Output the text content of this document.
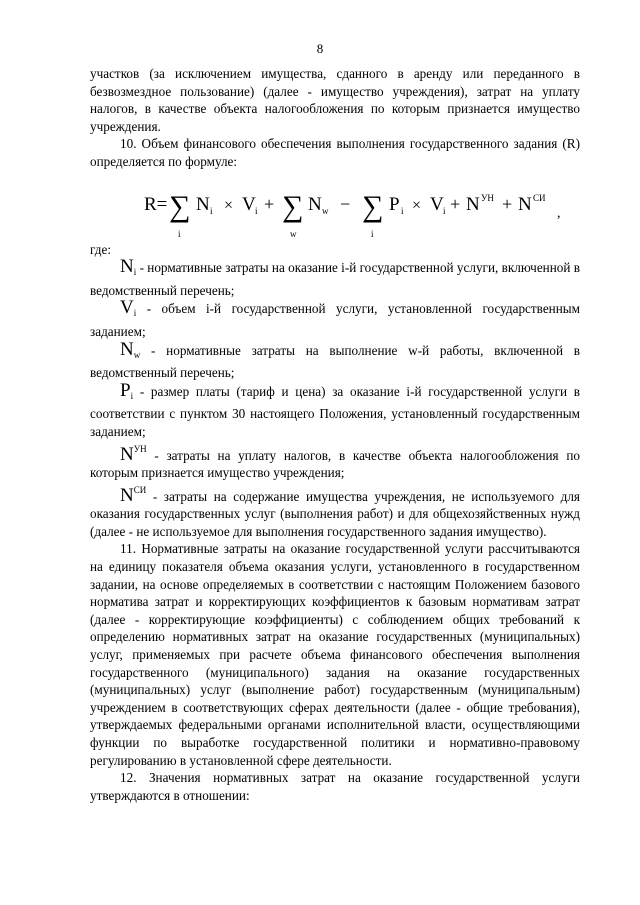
8

участков (за исключением имущества, сданного в аренду или переданного в безвозмездное пользование) (далее - имущество учреждения), затрат на уплату налогов, в качестве объекта налогообложения по которым признается имущество учреждения.

10. Объем финансового обеспечения выполнения государственного задания (R) определяется по формуле:

R= ∑
i
N i × V i + ∑
w
N w − ∑
i
P i × V i + N УН + N СИ
,

где:

$N_i$ - нормативные затраты на оказание i-й государственной услуги, включенной в ведомственный перечень;

$V_i$ - объем i-й государственной услуги, установленной государственным заданием;

$N_w$ - нормативные затраты на выполнение w-й работы, включенной в ведомственный перечень;

$P_i$ - размер платы (тариф и цена) за оказание i-й государственной услуги в соответствии с пунктом 30 настоящего Положения, установленный государственным заданием;

$N^{УН}$ - затраты на уплату налогов, в качестве объекта налогообложения по которым признается имущество учреждения;

$N^{СИ}$ - затраты на содержание имущества учреждения, не используемого для оказания государственных услуг (выполнения работ) и для общехозяйственных нужд (далее - не используемое для выполнения государственного задания имущество).

11. Нормативные затраты на оказание государственной услуги рассчитываются на единицу показателя объема оказания услуги, установленного в государственном задании, на основе определяемых в соответствии с настоящим Положением базового норматива затрат и корректирующих коэффициентов к базовым нормативам затрат (далее - корректирующие коэффициенты) с соблюдением общих требований к определению нормативных затрат на оказание государственных (муниципальных) услуг, применяемых при расчете объема финансового обеспечения выполнения государственного (муниципального) задания на оказание государственных (муниципальных) услуг (выполнение работ) государственным (муниципальным) учреждением в соответствующих сферах деятельности (далее - общие требования), утверждаемых федеральными органами исполнительной власти, осуществляющими функции по выработке государственной политики и нормативно-правовому регулированию в установленной сфере деятельности.

12. Значения нормативных затрат на оказание государственной услуги утверждаются в отношении:
